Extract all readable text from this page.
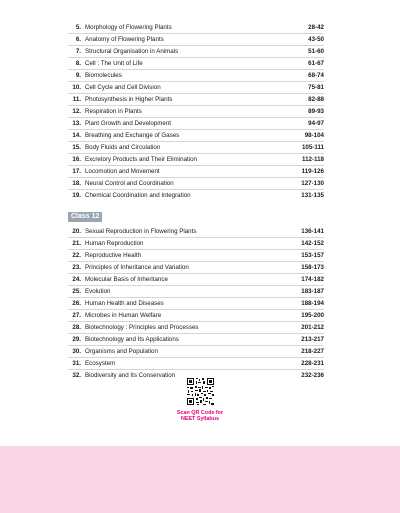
5. Morphology of Flowering Plants	28-42
6. Anatomy of Flowering Plants	43-50
7. Structural Organisation in Animals	51-60
8. Cell : The Unit of Life	61-67
9. Biomolecules	68-74
10. Cell Cycle and Cell Division	75-81
11. Photosynthesis in Higher Plants	82-88
12. Respiration in Plants	89-93
13. Plant Growth and Development	94-97
14. Breathing and Exchange of Gases	98-104
15. Body Fluids and Circulation	105-111
16. Excretory Products and Their Elimination	112-118
17. Locomotion and Movement	119-126
18. Neural Control and Coordination	127-130
19. Chemical Coordination and Integration	131-135
Class 12
20. Sexual Reproduction in Flowering Plants	136-141
21. Human Reproduction	142-152
22. Reproductive Health	153-157
23. Principles of Inheritance and Variation	158-173
24. Molecular Basis of Inheritance	174-182
25. Evolution	183-187
26. Human Health and Diseases	188-194
27. Microbes in Human Welfare	195-200
28. Biotechnology : Principles and Processes	201-212
29. Biotechnology and Its Applications	213-217
30. Organisms and Population	218-227
31. Ecosystem	228-231
32. Biodiversity and Its Conservation	232-236
Scan QR Code for
NEET Syllabus
